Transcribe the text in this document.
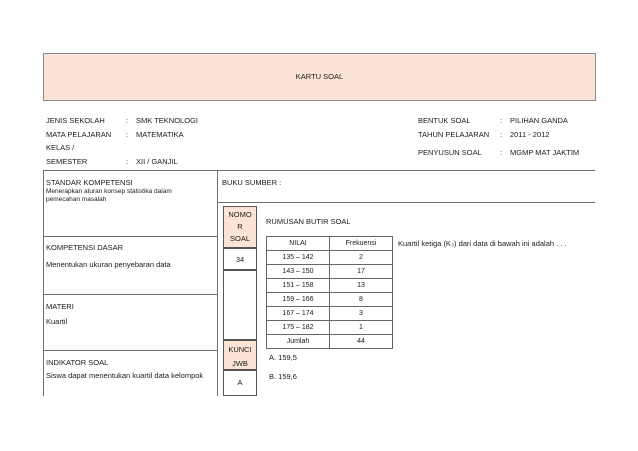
KARTU SOAL
JENIS SEKOLAH	: SMK TEKNOLOGI
MATA PELAJARAN : MATEMATIKA
KELAS /
SEMESTER	: XII / GANJIL
BENTUK SOAL	: PILIHAN GANDA
TAHUN PELAJARAN : 2011 - 2012
PENYUSUN SOAL : MGMP MAT JAKTIM
STANDAR KOMPETENSI
Menerapkan aturan konsep statistika dalam
pemecahan masalah
BUKU SUMBER :
KOMPETENSI DASAR
Menentukan ukuran penyebaran data
MATERI
Kuartil
INDIKATOR SOAL
Siswa dapat menentukan kuartil data kelompok
NOMO
R
SOAL
34
KUNCI
JWB
A
RUMUSAN BUTIR SOAL
Kuartil ketiga (K₃) dari data di bawah ini adalah . . .
NILAI	Frekuensi
135 – 142	2
143 – 150	17
151 – 158	13
159 – 166	8
167 – 174	3
175 – 182	1
Jumlah	44
A. 159,5
B. 159,6
